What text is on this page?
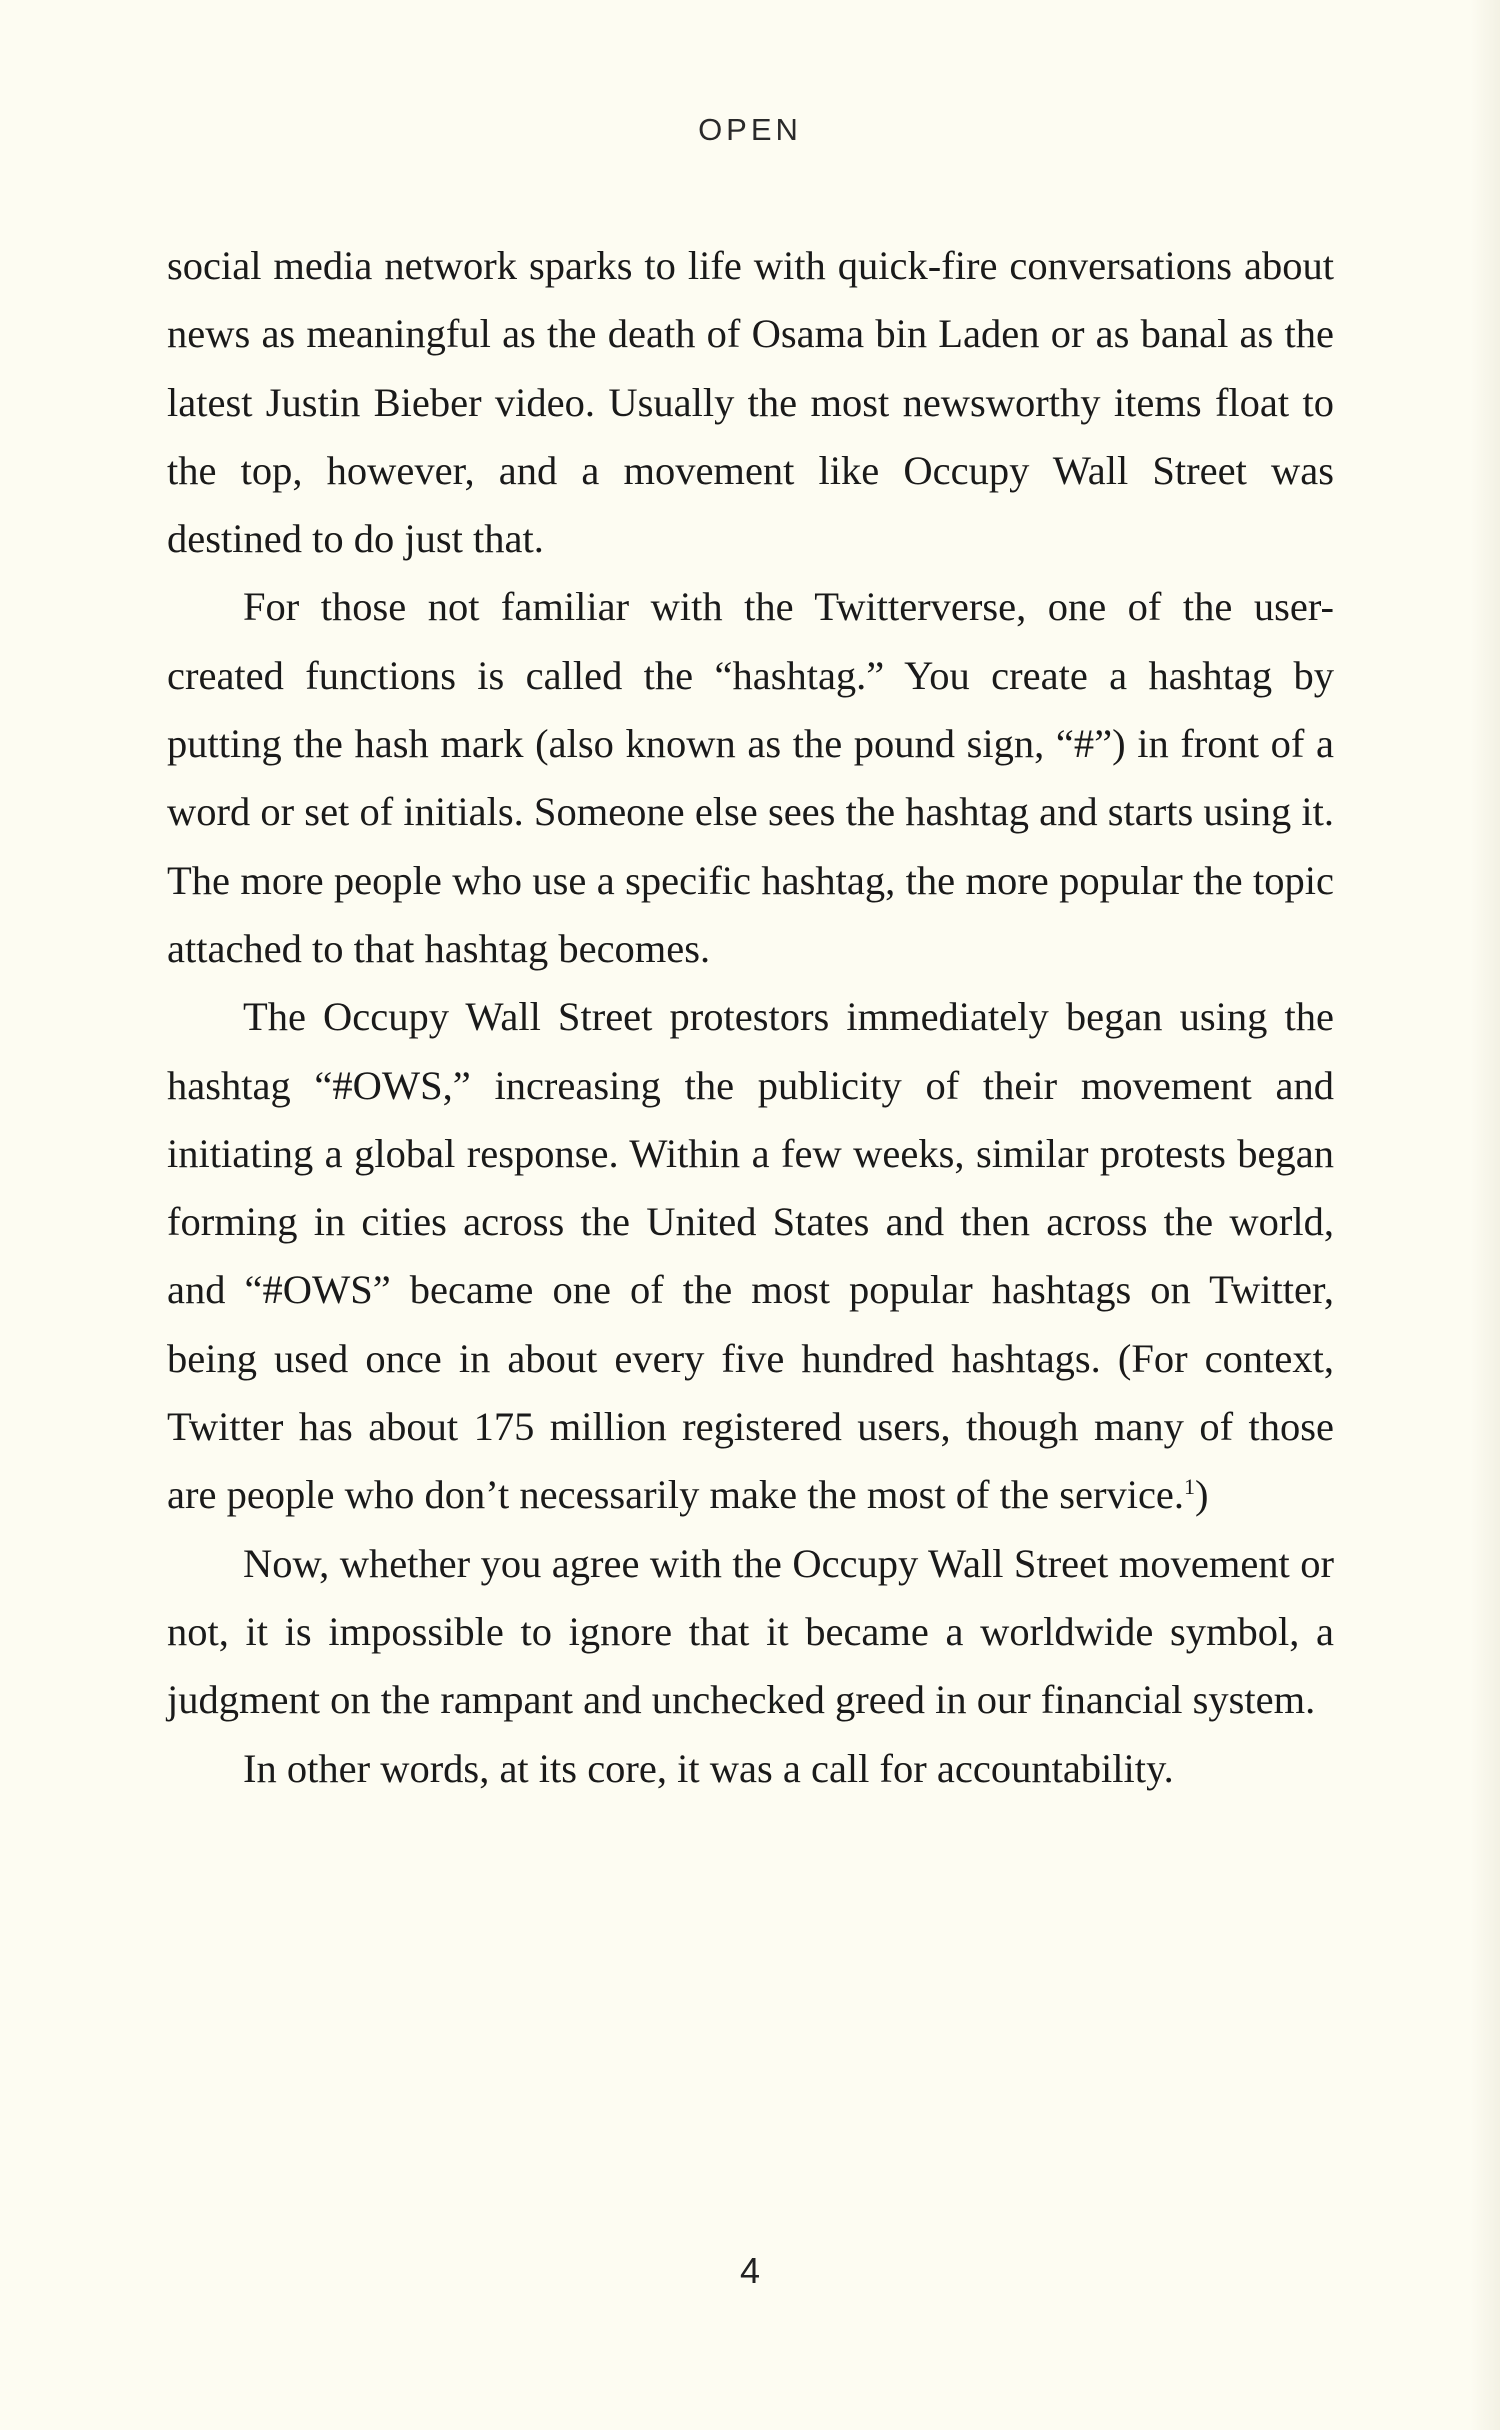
OPEN

social media network sparks to life with quick-fire conversations about news as meaningful as the death of Osama bin Laden or as banal as the latest Justin Bieber video. Usually the most newsworthy items float to the top, however, and a movement like Occupy Wall Street was destined to do just that.

For those not familiar with the Twitterverse, one of the user-created functions is called the “hashtag.” You create a hashtag by putting the hash mark (also known as the pound sign, “#”) in front of a word or set of initials. Someone else sees the hashtag and starts using it. The more people who use a specific hashtag, the more popular the topic attached to that hashtag becomes.

The Occupy Wall Street protestors immediately began using the hashtag “#OWS,” increasing the publicity of their movement and initiating a global response. Within a few weeks, similar protests began forming in cities across the United States and then across the world, and “#OWS” became one of the most popular hashtags on Twitter, being used once in about every five hundred hashtags. (For context, Twitter has about 175 million registered users, though many of those are people who don’t necessarily make the most of the service.$^1$)

Now, whether you agree with the Occupy Wall Street movement or not, it is impossible to ignore that it became a worldwide symbol, a judgment on the rampant and unchecked greed in our financial system.

In other words, at its core, it was a call for accountability.

4
